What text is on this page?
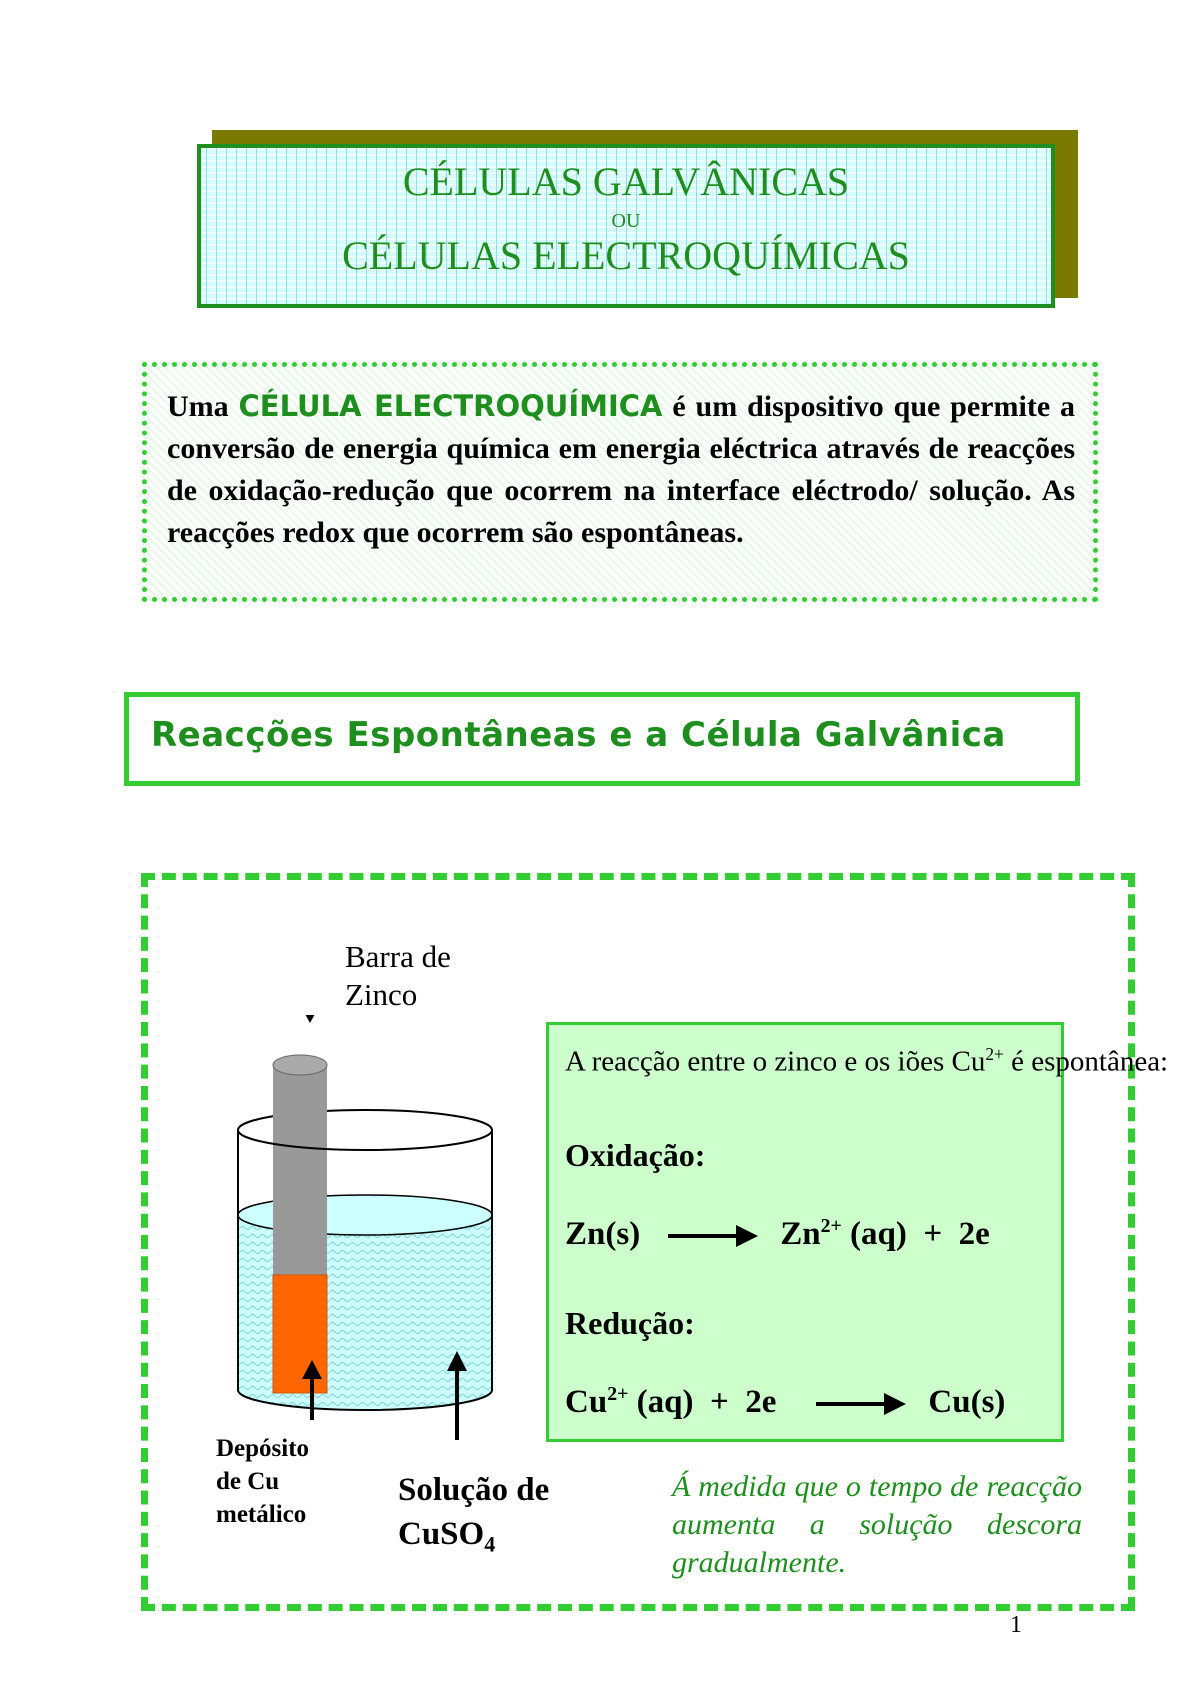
CÉLULAS GALVÂNICAS
OU
CÉLULAS ELECTROQUÍMICAS
Uma CÉLULA ELECTROQUÍMICA é um dispositivo que permite a conversão de energia química em energia eléctrica através de reacções de oxidação-redução que ocorrem na interface eléctrodo/ solução. As reacções redox que ocorrem são espontâneas.
Reacções Espontâneas e a Célula Galvânica
Barra de
Zinco
Depósito
de Cu
metálico
Solução de
CuSO$_4$
A reacção entre o zinco e os iões $Cu^{2+}$ é espontânea:
Oxidação:
Zn(s)	$Zn^{2+}$ (aq)  +  2e
Redução:
$Cu^{2+}$ (aq)  +  2e	Cu(s)
Á medida que o tempo de reacção aumenta a solução descora gradualmente.
1
